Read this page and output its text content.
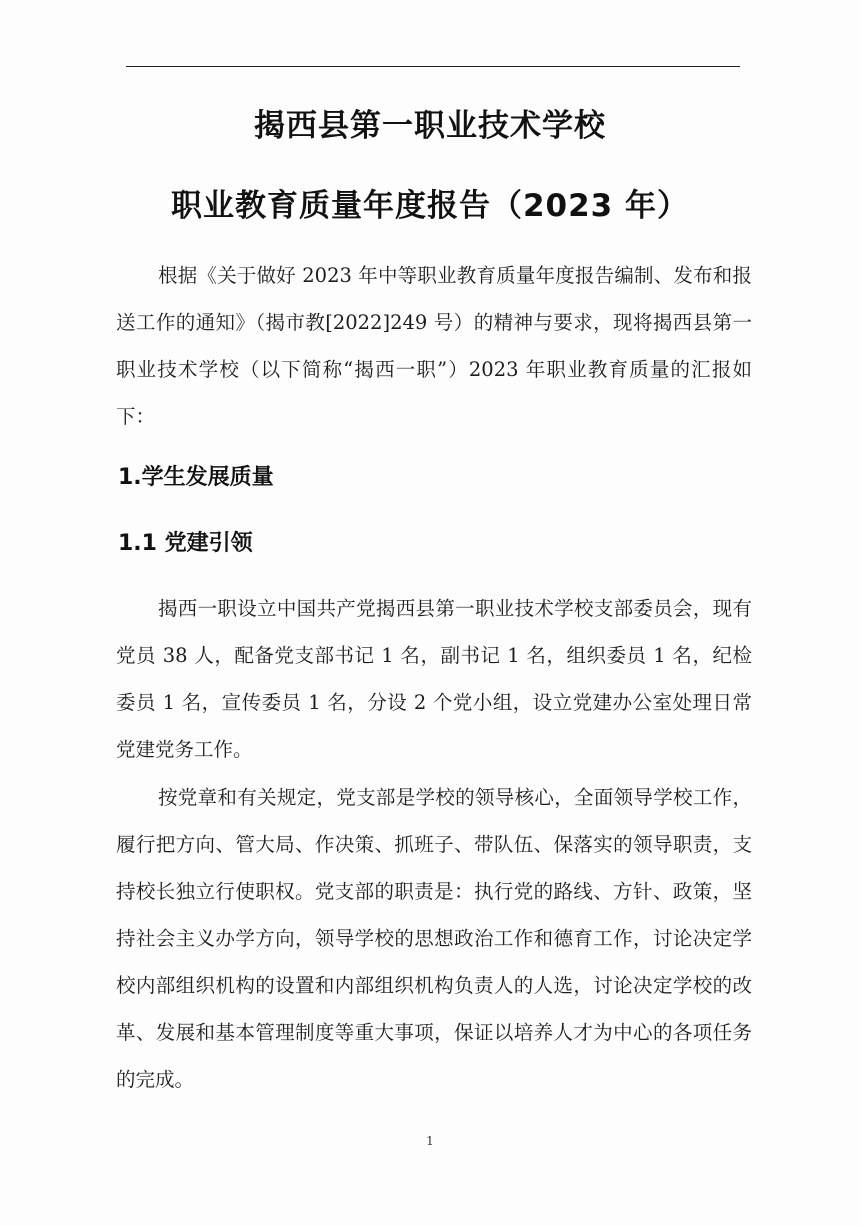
揭西县第一职业技术学校
职业教育质量年度报告（2023 年）
根据《关于做好 2023 年中等职业教育质量年度报告编制、发布和报送工作的通知》（揭市教[2022]249 号）的精神与要求，现将揭西县第一职业技术学校（以下简称“揭西一职”）2023 年职业教育质量的汇报如下：
1.学生发展质量
1.1 党建引领
揭西一职设立中国共产党揭西县第一职业技术学校支部委员会，现有党员 38 人，配备党支部书记 1 名，副书记 1 名，组织委员 1 名，纪检委员 1 名，宣传委员 1 名，分设 2 个党小组，设立党建办公室处理日常党建党务工作。
按党章和有关规定，党支部是学校的领导核心，全面领导学校工作，履行把方向、管大局、作决策、抓班子、带队伍、保落实的领导职责，支持校长独立行使职权。党支部的职责是：执行党的路线、方针、政策，坚持社会主义办学方向，领导学校的思想政治工作和德育工作，讨论决定学校内部组织机构的设置和内部组织机构负责人的人选，讨论决定学校的改革、发展和基本管理制度等重大事项，保证以培养人才为中心的各项任务的完成。
1
